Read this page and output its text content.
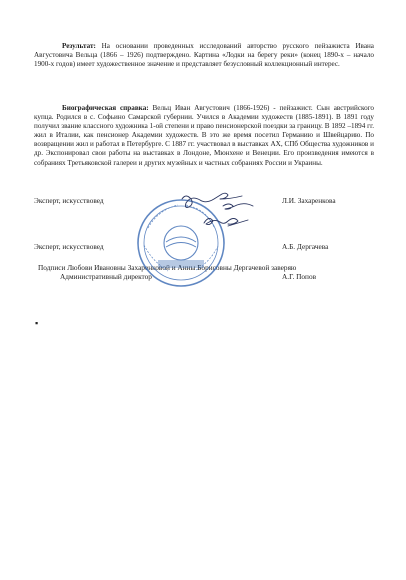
Результат: На основании проведенных исследований авторство русского пейзажиста Ивана Августовича Вельца (1866 – 1926) подтверждено. Картина «Лодки на берегу реки» (конец 1890-х – начало 1900-х годов) имеет художественное значение и представляет безусловный коллекционный интерес.

Биографическая справка: Вельц Иван Августович (1866-1926) - пейзажист. Сын австрийского купца. Родился в с. Софьино Самарской губернии. Учился в Академии художеств (1885-1891). В 1891 году получил звание классного художника 1-ой степени и право пенсионерской поездки за границу. В 1892 –1894 гг. жил в Италии, как пенсионер Академии художеств. В это же время посетил Германию и Швейцарию. По возвращении жил и работал в Петербурге. С 1887 гг. участвовал в выставках АХ, СПб Общества художников и др. Экспонировал свои работы на выставках в Лондоне, Мюнхене и Венеции. Его произведения имеются в собраниях Третьяковской галереи и других музейных и частных собраниях России и Украины.

Эксперт, искусствовед	Л.И. Захаренкова
Эксперт, искусствовед	А.Б. Дергачева
Подписи Любови Ивановны Захаренковой и Анны Борисовны Дергачевой заверяю
Административный директор	А.Г. Попов
▪
